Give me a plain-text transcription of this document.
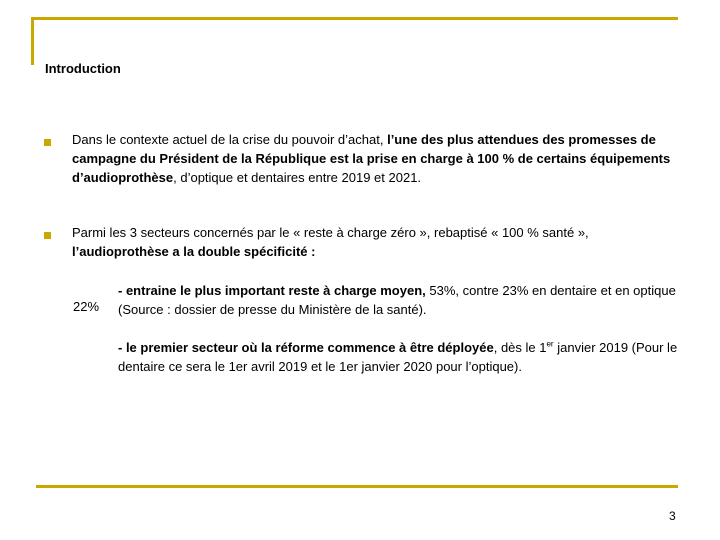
Introduction
Dans le contexte actuel de la crise du pouvoir d’achat, l’une des plus attendues des promesses de campagne du Président de la République est la prise en charge à 100 % de certains équipements d’audioprothèse, d’optique et dentaires entre 2019 et 2021.
Parmi les 3 secteurs concernés par le « reste à charge zéro », rebaptisé « 100 % santé », l’audioprothèse a la double spécificité :
22%
- entraine le plus important reste à charge moyen, 53%, contre 23% en dentaire et en optique (Source : dossier de presse du Ministère de la santé).
- le premier secteur où la réforme commence à être déployée, dès le 1er janvier 2019 (Pour le dentaire ce sera le 1er avril 2019 et le 1er janvier 2020 pour l’optique).
3
